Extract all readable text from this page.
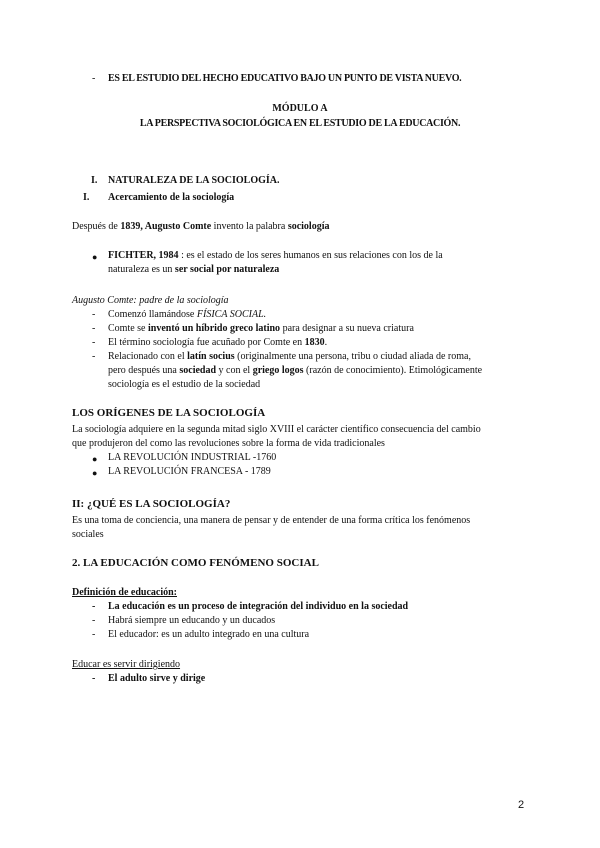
- ES EL ESTUDIO DEL HECHO EDUCATIVO BAJO UN PUNTO DE VISTA NUEVO.
MÓDULO A
LA PERSPECTIVA SOCIOLÓGICA EN EL ESTUDIO DE LA EDUCACIÓN.
I. NATURALEZA DE LA SOCIOLOGÍA.
I. Acercamiento de la sociología
Después de 1839, Augusto Comte invento la palabra sociología
● FICHTER, 1984 : es el estado de los seres humanos en sus relaciones con los de la
naturaleza es un ser social por naturaleza
Augusto Comte: padre de la sociología
-	Comenzó llamándose FÍSICA SOCIAL.
-	Comte se inventó un híbrido greco latino para designar a su nueva criatura
-	El término sociología fue acuñado por Comte en 1830.
-	Relacionado con el latín socius (originalmente una persona, tribu o ciudad aliada de roma,
pero después una sociedad y con el griego logos (razón de conocimiento). Etimológicamente
sociología es el estudio de la sociedad
LOS ORÍGENES DE LA SOCIOLOGÍA
La sociología adquiere en la segunda mitad siglo XVIII el carácter científico consecuencia del cambio
que produjeron del como las revoluciones sobre la forma de vida tradicionales
● LA REVOLUCIÓN INDUSTRIAL -1760
● LA REVOLUCIÓN FRANCESA - 1789
II: ¿QUÉ ES LA SOCIOLOGÍA?
Es una toma de conciencia, una manera de pensar y de entender de una forma crítica los fenómenos
sociales
2. LA EDUCACIÓN COMO FENÓMENO SOCIAL
Definición de educación:
-	La educación es un proceso de integración del individuo en la sociedad
-	Habrá siempre un educando y un ducados
-	El educador: es un adulto integrado en una cultura
Educar es servir dirigiendo
-	El adulto sirve y dirige
2
